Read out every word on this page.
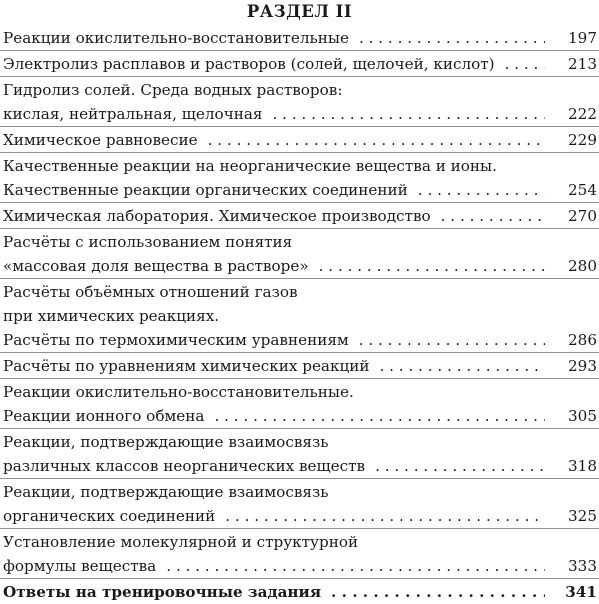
РАЗДЕЛ II
Реакции окислительно-восстановительные . . .	197
Электролиз расплавов и растворов (солей, щелочей, кислот) . . .	213
Гидролиз солей. Среда водных растворов:
кислая, нейтральная, щелочная . . .	222
Химическое равновесие . . .	229
Качественные реакции на неорганические вещества и ионы.
Качественные реакции органических соединений . . .	254
Химическая лаборатория. Химическое производство . . .	270
Расчёты с использованием понятия
«массовая доля вещества в растворе» . . .	280
Расчёты объёмных отношений газов
при химических реакциях.
Расчёты по термохимическим уравнениям . . .	286
Расчёты по уравнениям химических реакций . . .	293
Реакции окислительно-восстановительные.
Реакции ионного обмена . . .	305
Реакции, подтверждающие взаимосвязь
различных классов неорганических веществ . . .	318
Реакции, подтверждающие взаимосвязь
органических соединений . . .	325
Установление молекулярной и структурной
формулы вещества . . .	333
Ответы на тренировочные задания . . .	341
